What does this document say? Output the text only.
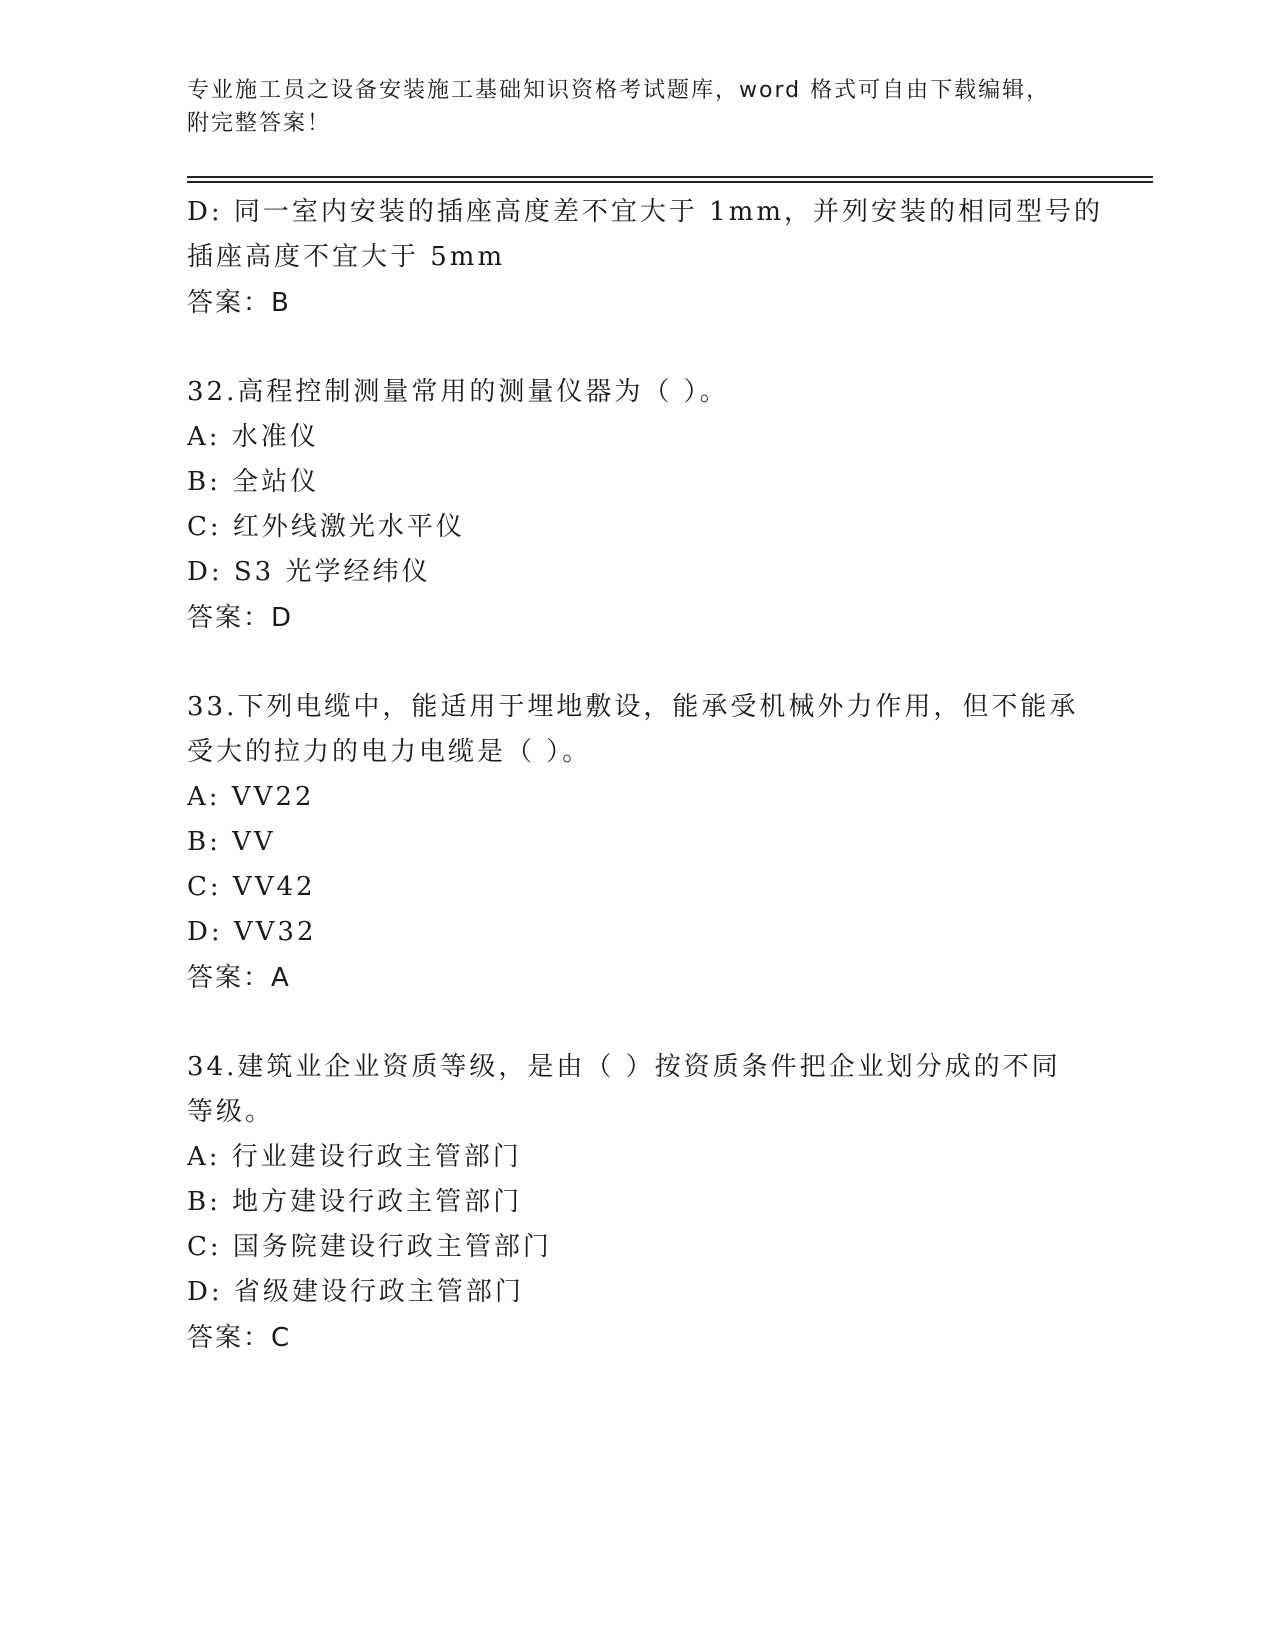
专业施工员之设备安装施工基础知识资格考试题库，word 格式可自由下载编辑，
附完整答案！
D: 同一室内安装的插座高度差不宜大于 1mm，并列安装的相同型号的
插座高度不宜大于 5mm
答案：B
32.高程控制测量常用的测量仪器为（ ）。
A: 水准仪
B: 全站仪
C: 红外线激光水平仪
D: S3 光学经纬仪
答案：D
33.下列电缆中，能适用于埋地敷设，能承受机械外力作用，但不能承
受大的拉力的电力电缆是（ ）。
A: VV22
B: VV
C: VV42
D: VV32
答案：A
34.建筑业企业资质等级，是由（ ）按资质条件把企业划分成的不同
等级。
A: 行业建设行政主管部门
B: 地方建设行政主管部门
C: 国务院建设行政主管部门
D: 省级建设行政主管部门
答案：C
